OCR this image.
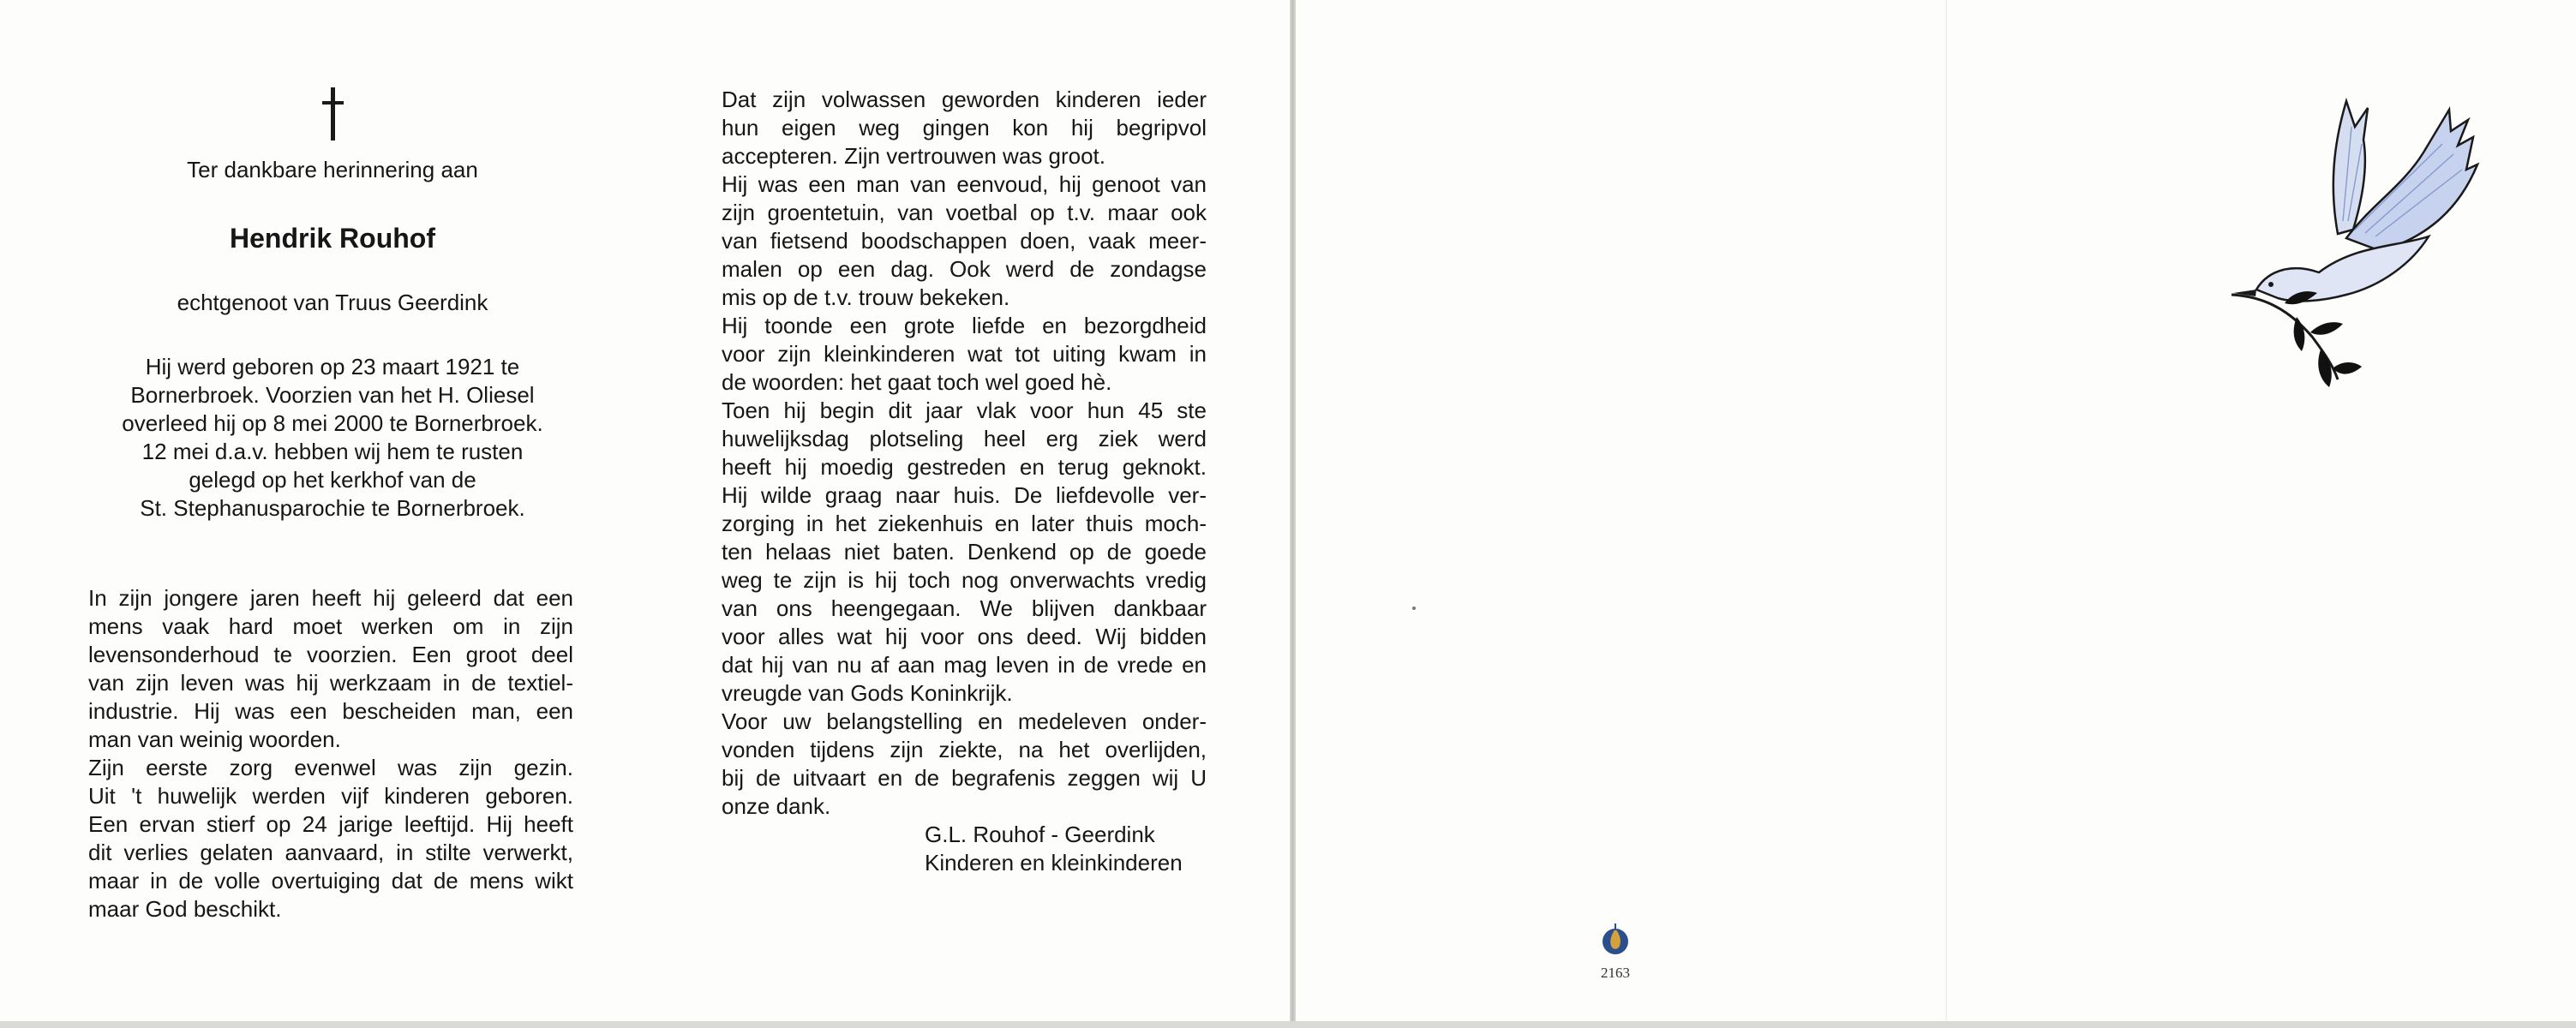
Ter dankbare herinnering aan
Hendrik Rouhof
echtgenoot van Truus Geerdink
Hij werd geboren op 23 maart 1921 te
Bornerbroek. Voorzien van het H. Oliesel
overleed hij op 8 mei 2000 te Bornerbroek.
12 mei d.a.v. hebben wij hem te rusten
gelegd op het kerkhof van de
St. Stephanusparochie te Bornerbroek.
In zijn jongere jaren heeft hij geleerd dat een
mens vaak hard moet werken om in zijn
levensonderhoud te voorzien. Een groot deel
van zijn leven was hij werkzaam in de textiel-
industrie. Hij was een bescheiden man, een
man van weinig woorden.
Zijn eerste zorg evenwel was zijn gezin.
Uit 't huwelijk werden vijf kinderen geboren.
Een ervan stierf op 24 jarige leeftijd. Hij heeft
dit verlies gelaten aanvaard, in stilte verwerkt,
maar in de volle overtuiging dat de mens wikt
maar God beschikt.
Dat zijn volwassen geworden kinderen ieder
hun eigen weg gingen kon hij begripvol
accepteren. Zijn vertrouwen was groot.
Hij was een man van eenvoud, hij genoot van
zijn groentetuin, van voetbal op t.v. maar ook
van fietsend boodschappen doen, vaak meer-
malen op een dag. Ook werd de zondagse
mis op de t.v. trouw bekeken.
Hij toonde een grote liefde en bezorgdheid
voor zijn kleinkinderen wat tot uiting kwam in
de woorden: het gaat toch wel goed hè.
Toen hij begin dit jaar vlak voor hun 45 ste
huwelijksdag plotseling heel erg ziek werd
heeft hij moedig gestreden en terug geknokt.
Hij wilde graag naar huis. De liefdevolle ver-
zorging in het ziekenhuis en later thuis moch-
ten helaas niet baten. Denkend op de goede
weg te zijn is hij toch nog onverwachts vredig
van ons heengegaan. We blijven dankbaar
voor alles wat hij voor ons deed. Wij bidden
dat hij van nu af aan mag leven in de vrede en
vreugde van Gods Koninkrijk.
Voor uw belangstelling en medeleven onder-
vonden tijdens zijn ziekte, na het overlijden,
bij de uitvaart en de begrafenis zeggen wij U
onze dank.
G.L. Rouhof - Geerdink
Kinderen en kleinkinderen
2163
